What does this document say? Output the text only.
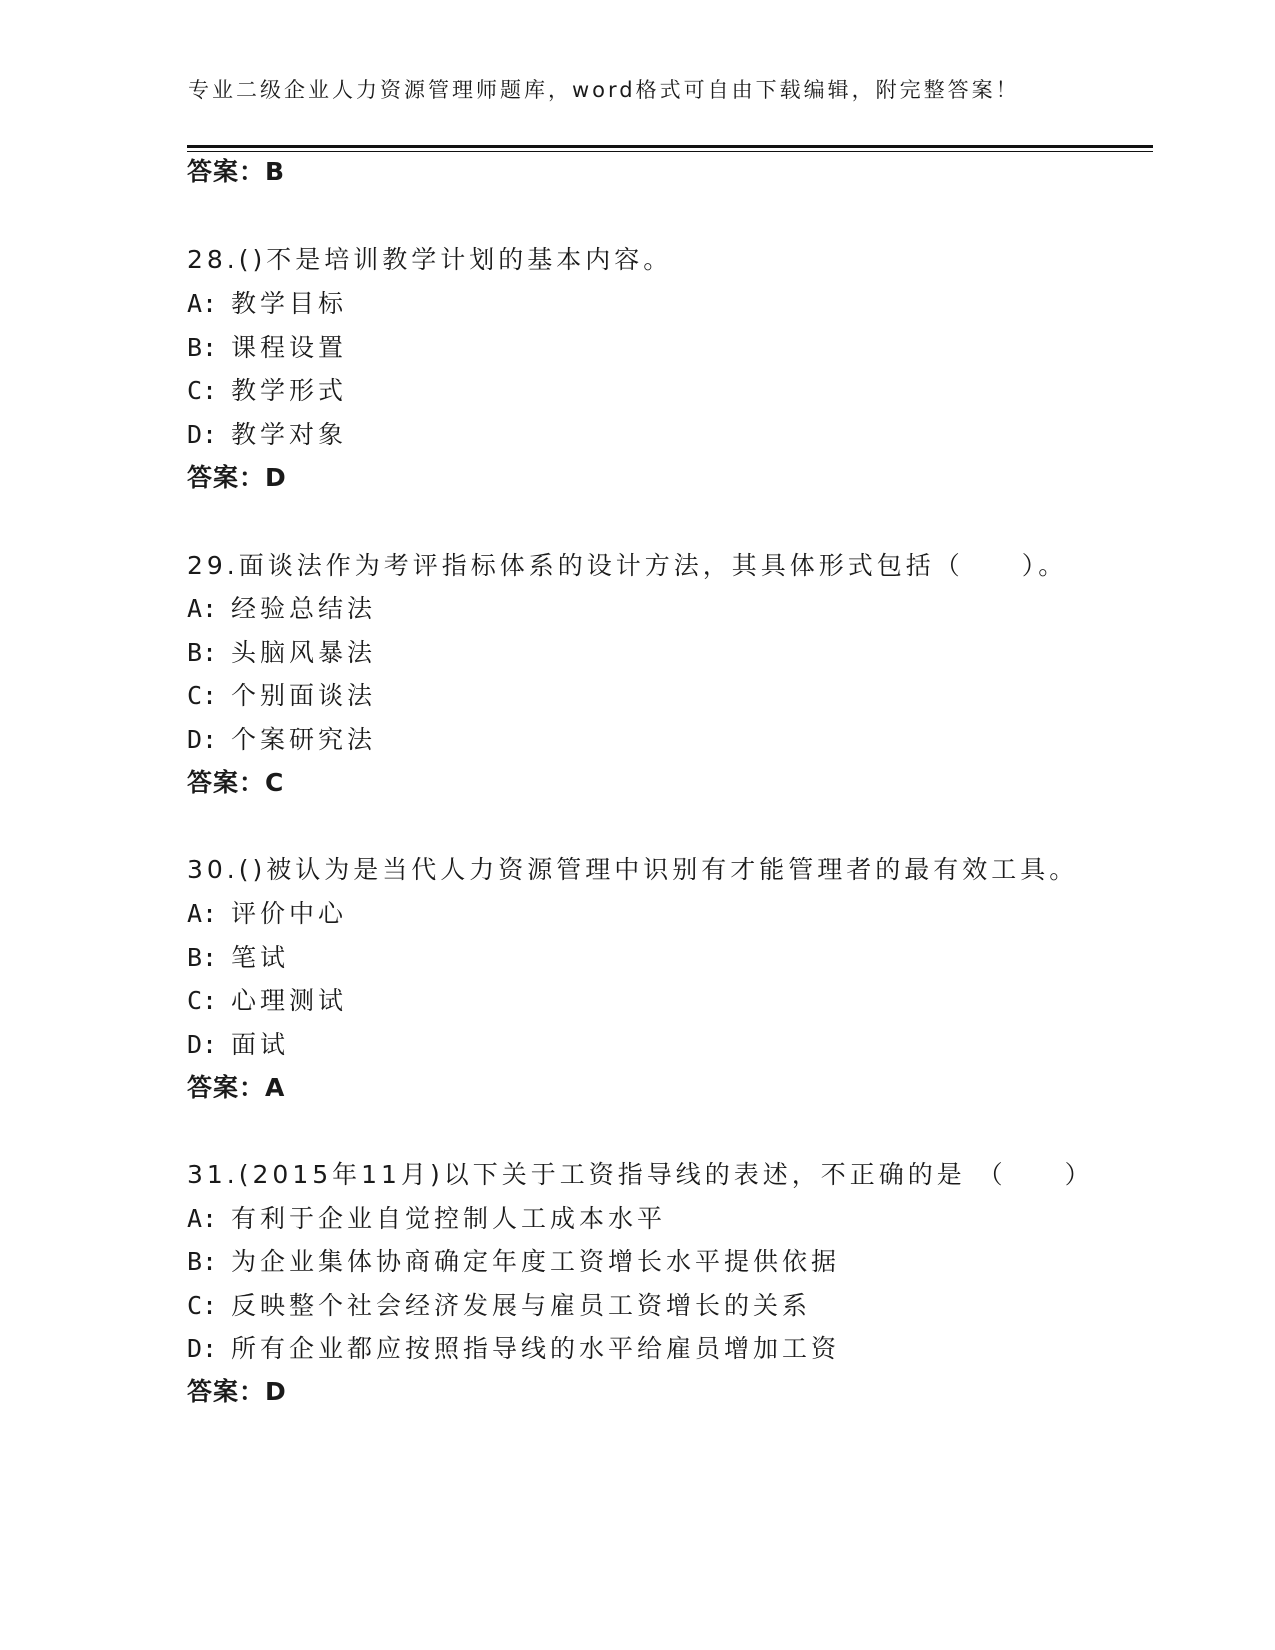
专业二级企业人力资源管理师题库，word格式可自由下载编辑，附完整答案！
答案：B
28.()不是培训教学计划的基本内容。
A: 教学目标
B: 课程设置
C: 教学形式
D: 教学对象
答案：D
29.面谈法作为考评指标体系的设计方法，其具体形式包括（　　）。
A: 经验总结法
B: 头脑风暴法
C: 个别面谈法
D: 个案研究法
答案：C
30.()被认为是当代人力资源管理中识别有才能管理者的最有效工具。
A: 评价中心
B: 笔试
C: 心理测试
D: 面试
答案：A
31.(2015年11月)以下关于工资指导线的表述，不正确的是 （　　）
A: 有利于企业自觉控制人工成本水平
B: 为企业集体协商确定年度工资增长水平提供依据
C: 反映整个社会经济发展与雇员工资增长的关系
D: 所有企业都应按照指导线的水平给雇员增加工资
答案：D
